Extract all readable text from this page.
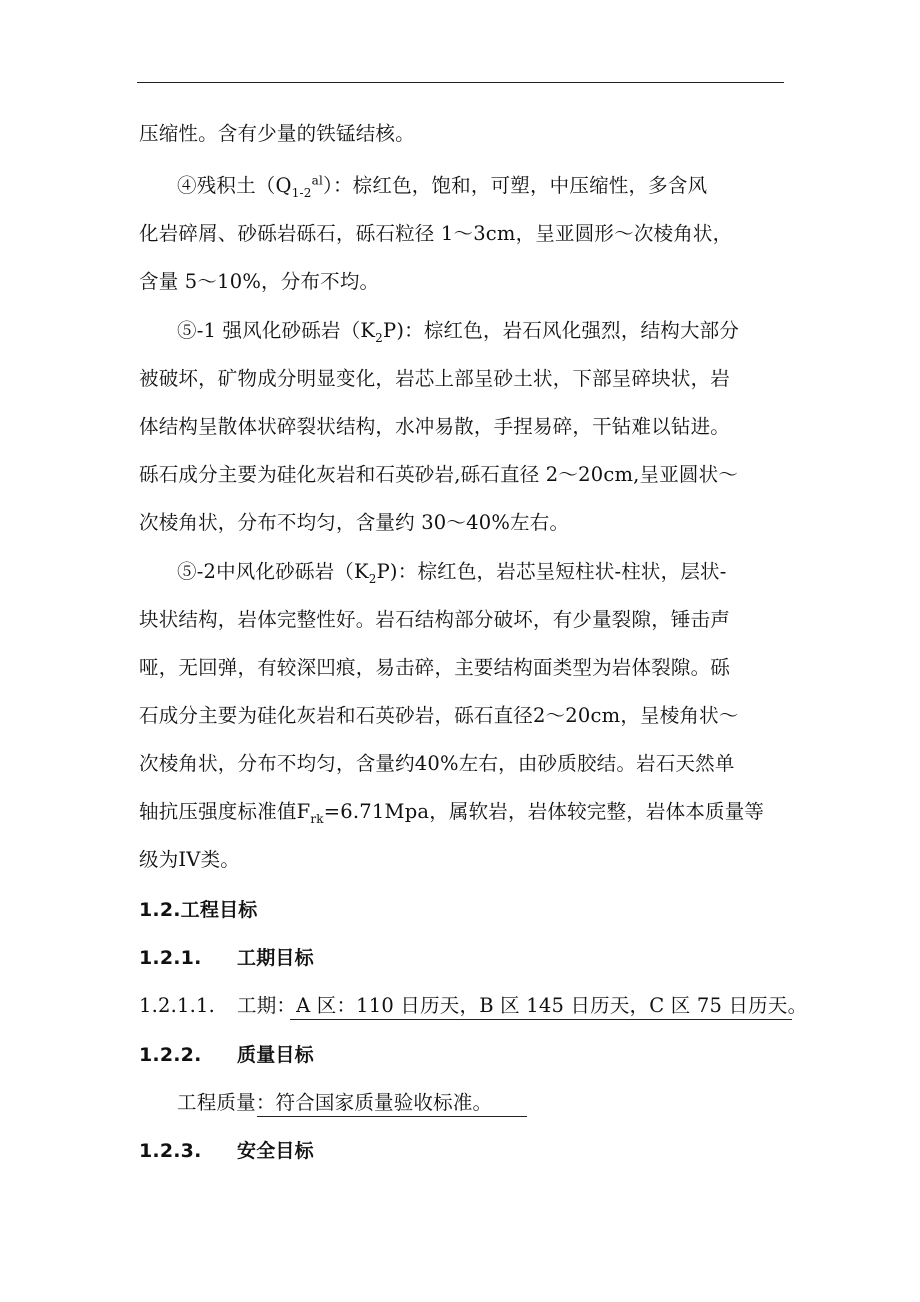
压缩性。含有少量的铁锰结核。
④残积土$(Q_{1-2}^{al})$：棕红色，饱和，可塑，中压缩性，多含风
化岩碎屑、砂砾岩砾石，砾石粒径 1～3cm，呈亚圆形～次棱角状，
含量 5～10%，分布不均。
⑤-1 强风化砂砾岩$(K_2P)$：棕红色，岩石风化强烈，结构大部分
被破坏，矿物成分明显变化，岩芯上部呈砂土状，下部呈碎块状，岩
体结构呈散体状碎裂状结构，水冲易散，手捏易碎，干钻难以钻进。
砾石成分主要为硅化灰岩和石英砂岩,砾石直径 2～20cm,呈亚圆状～
次棱角状，分布不均匀，含量约 30～40%左右。
⑤-2中风化砂砾岩$(K_2P)$：棕红色，岩芯呈短柱状-柱状，层状-
块状结构，岩体完整性好。岩石结构部分破坏，有少量裂隙，锤击声
哑，无回弹，有较深凹痕，易击碎，主要结构面类型为岩体裂隙。砾
石成分主要为硅化灰岩和石英砂岩，砾石直径2～20cm，呈棱角状～
次棱角状，分布不均匀，含量约40%左右，由砂质胶结。岩石天然单
轴抗压强度标准值$F_{rk}=6.71Mpa$，属软岩，岩体较完整，岩体本质量等
级为IV类。
1.2.工程目标
1.2.1. 工期目标
1.2.1.1. 工期：A 区：110 日历天，B 区 145 日历天，C 区 75 日历天。
1.2.2. 质量目标
工程质量：符合国家质量验收标准。
1.2.3. 安全目标
